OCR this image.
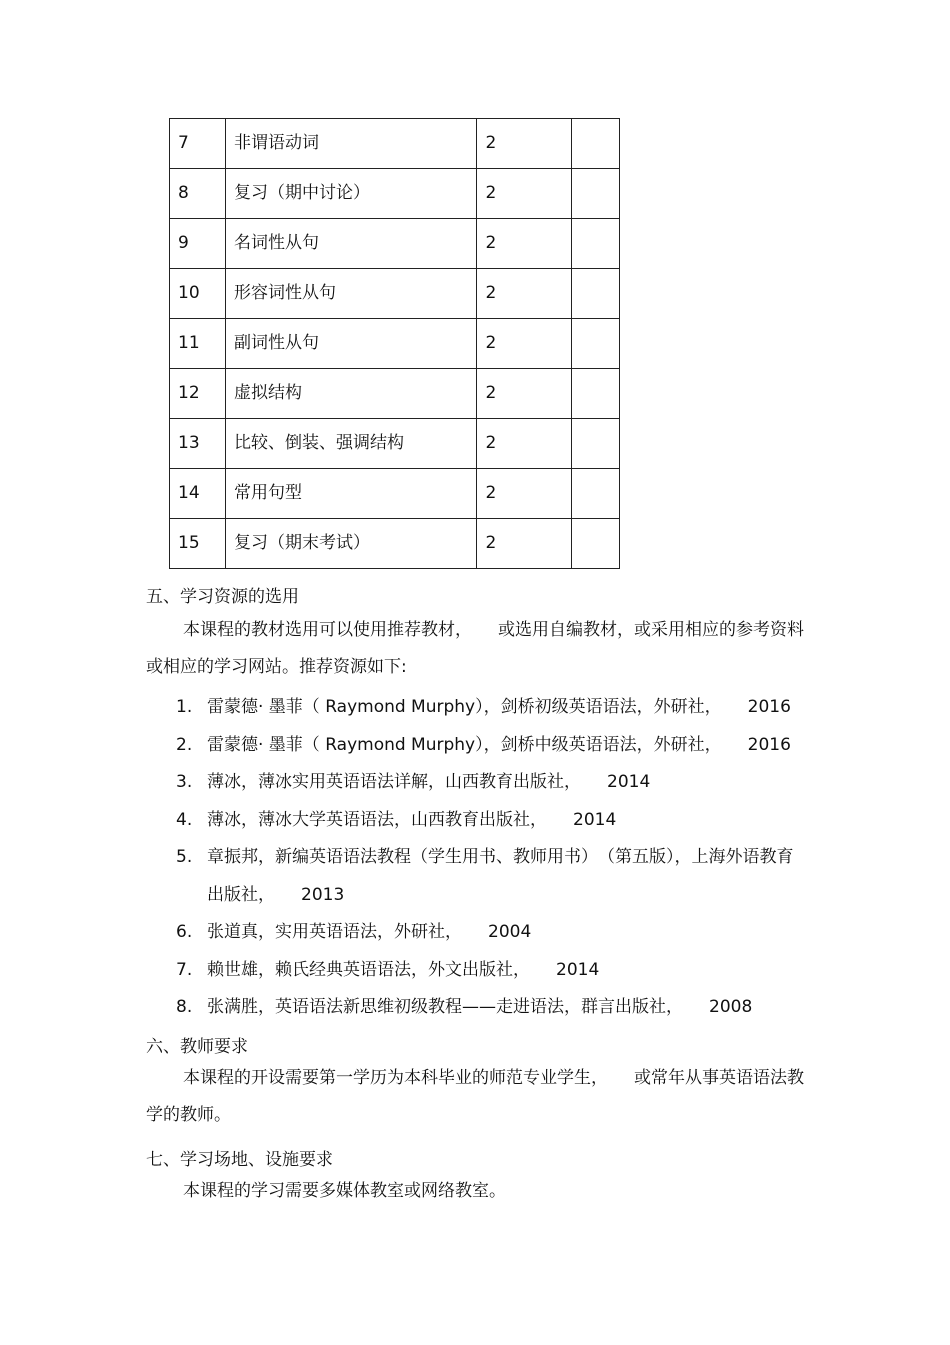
7	非谓语动词	2	
8	复习（期中讨论）	2	
9	名词性从句	2	
10	形容词性从句	2	
11	副词性从句	2	
12	虚拟结构	2	
13	比较、倒装、强调结构	2	
14	常用句型	2	
15	复习（期末考试）	2	
五、学习资源的选用

本课程的教材选用可以使用推荐教材， 或选用自编教材，或采用相应的参考资料或相应的学习网站。推荐资源如下:

1. 雷蒙德· 墨菲（ Raymond Murphy），剑桥初级英语语法，外研社， 2016
2. 雷蒙德· 墨菲（ Raymond Murphy），剑桥中级英语语法，外研社， 2016
3. 薄冰，薄冰实用英语语法详解，山西教育出版社， 2014
4. 薄冰，薄冰大学英语语法，山西教育出版社， 2014
5. 章振邦，新编英语语法教程（学生用书、教师用书）　（第五版），上海外语教育出版社， 2013
6. 张道真，实用英语语法，外研社， 2004
7. 赖世雄，赖氏经典英语语法，外文出版社， 2014
8. 张满胜，英语语法新思维初级教程——走进语法，群言出版社， 2008
六、教师要求

本课程的开设需要第一学历为本科毕业的师范专业学生， 或常年从事英语语法教学的教师。

七、学习场地、设施要求

本课程的学习需要多媒体教室或网络教室。
